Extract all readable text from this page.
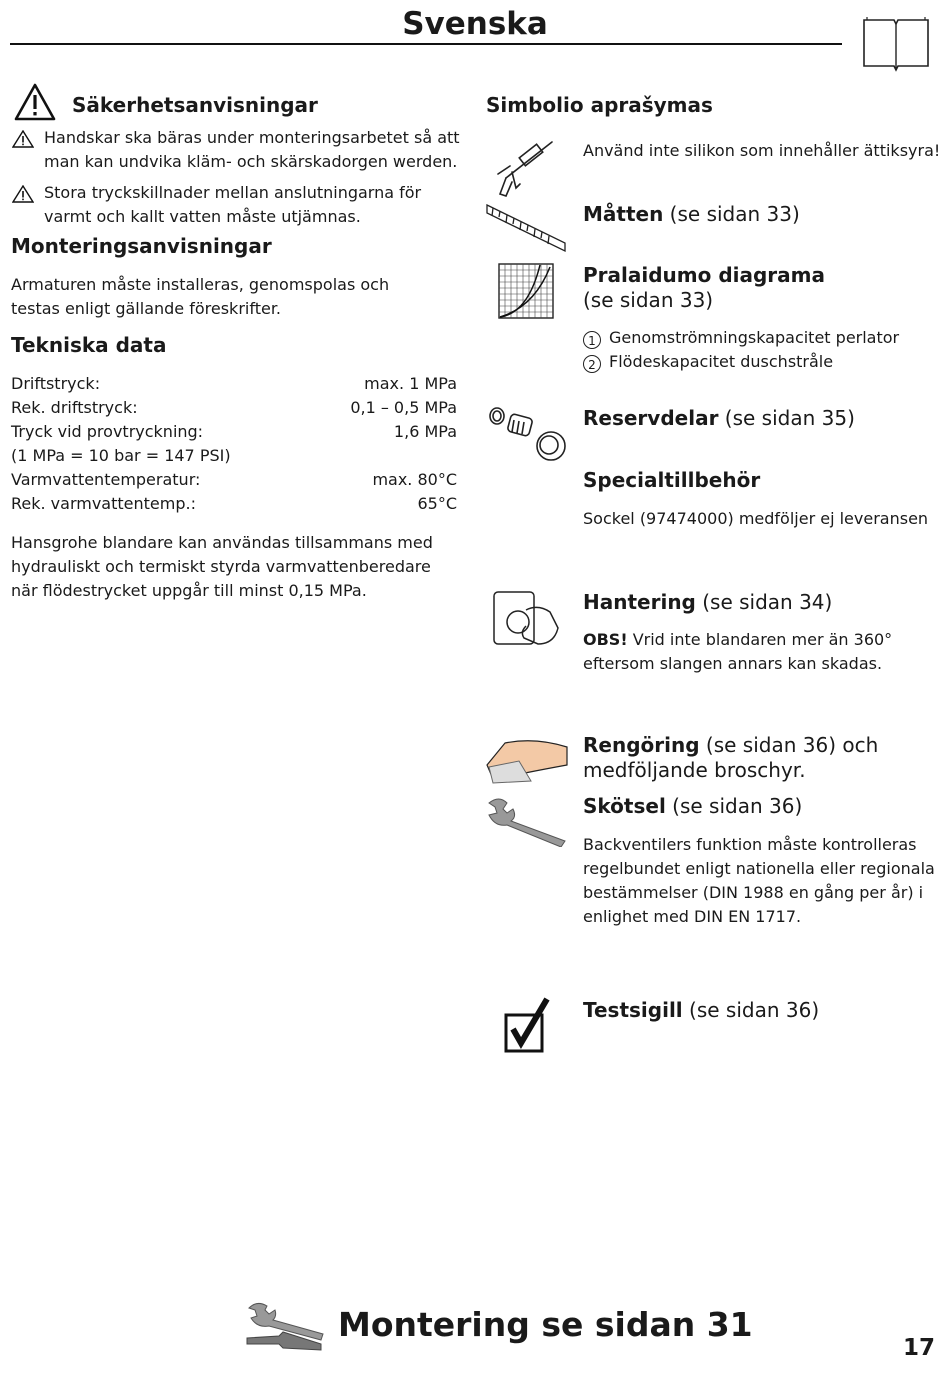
Svenska
Säkerhetsanvisningar
Handskar ska bäras under monteringsarbetet så att man kan undvika kläm- och skärskadorgen werden.
Stora tryckskillnader mellan anslutningarna för varmt och kallt vatten måste utjämnas.
Monteringsanvisningar
Armaturen måste installeras, genomspolas och testas enligt gällande föreskrifter.
Tekniska data
Driftstryck:	max. 1 MPa
Rek. driftstryck:	0,1 – 0,5 MPa
Tryck vid provtryckning:	1,6 MPa
(1 MPa = 10 bar = 147 PSI)
Varmvattentemperatur:	max. 80°C
Rek. varmvattentemp.:	65°C
Hansgrohe blandare kan användas tillsammans med hydrauliskt och termiskt styrda varmvattenberedare när flödestrycket uppgår till minst 0,15 MPa.
Simbolio aprašymas
Använd inte silikon som innehåller ättiksyra!
Måtten (se sidan 33)
Pralaidumo diagrama
(se sidan 33)
1 Genomströmningskapacitet perlator
2 Flödeskapacitet duschstråle
Reservdelar (se sidan 35)
Specialtillbehör
Sockel (97474000) medföljer ej leveransen
Hantering (se sidan 34)
OBS! Vrid inte blandaren mer än 360° eftersom slangen annars kan skadas.
Rengöring (se sidan 36) och medföljande broschyr.
Skötsel (se sidan 36)
Backventilers funktion måste kontrolleras regelbundet enligt nationella eller regionala bestämmelser (DIN 1988 en gång per år) i enlighet med DIN EN 1717.
Testsigill (se sidan 36)
Montering se sidan 31
17
